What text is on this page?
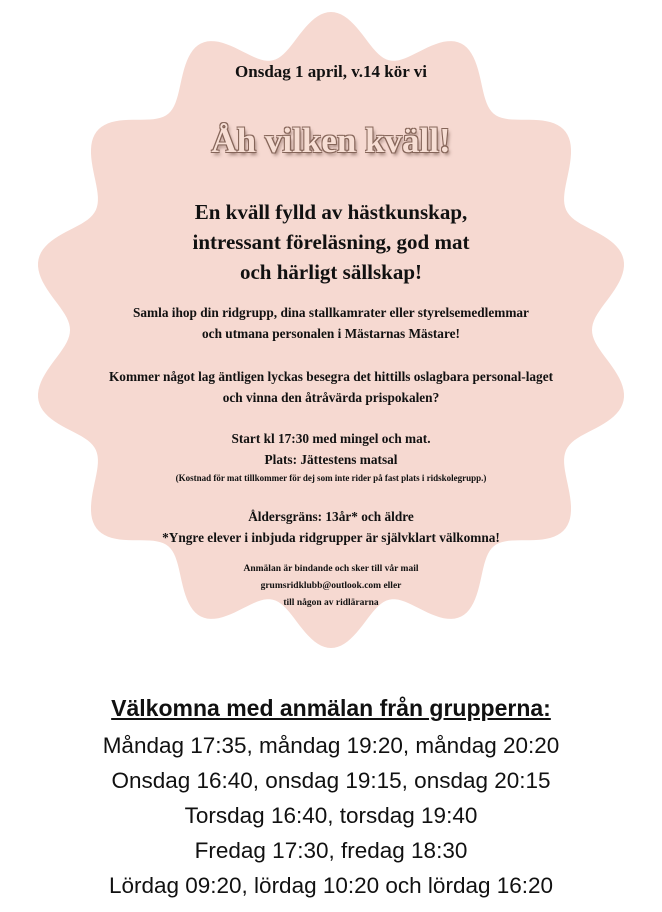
Onsdag 1 april, v.14 kör vi
Åh vilken kväll!
En kväll fylld av hästkunskap,
intressant föreläsning, god mat
och härligt sällskap!
Samla ihop din ridgrupp, dina stallkamrater eller styrelsemedlemmar
och utmana personalen i Mästarnas Mästare!
Kommer något lag äntligen lyckas besegra det hittills oslagbara personal-laget
och vinna den åtråvärda prispokalen?
Start kl 17:30 med mingel och mat.
Plats: Jättestens matsal
(Kostnad för mat tillkommer för dej som inte rider på fast plats i ridskolegrupp.)
Åldersgräns: 13år* och äldre
*Yngre elever i inbjuda ridgrupper är självklart välkomna!
Anmälan är bindande och sker till vår mail
grumsridklubb@outlook.com eller
till någon av ridlärarna
Välkomna med anmälan från grupperna:
Måndag 17:35, måndag 19:20, måndag 20:20
Onsdag 16:40, onsdag 19:15, onsdag 20:15
Torsdag 16:40, torsdag 19:40
Fredag 17:30, fredag 18:30
Lördag 09:20, lördag 10:20 och lördag 16:20
